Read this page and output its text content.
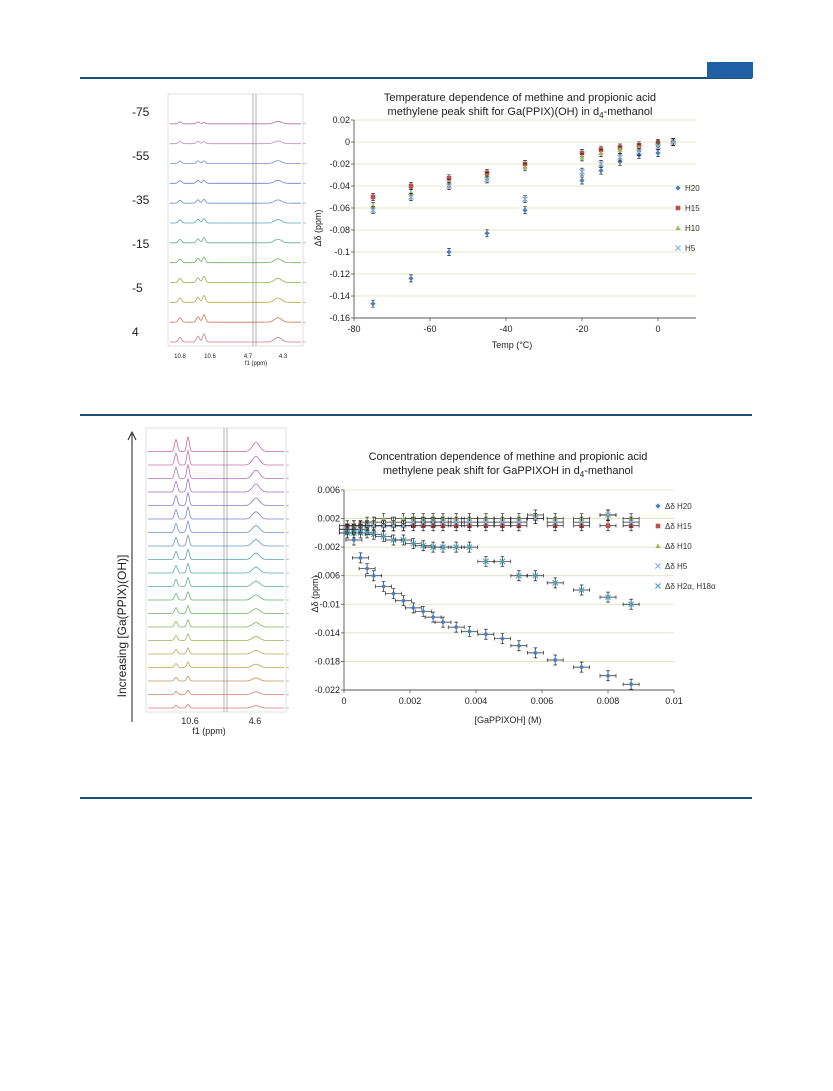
10.8	10.6	4.7	4.3
f1 (ppm)
-75
-55
-35
-15
-5
4
Temperature dependence of methine and propionic acid
methylene peak shift for Ga(PPIX)(OH) in $d_4$-methanol
Temp (°C)
Δδ (ppm)
0.02
0
-0.02
-0.04
-0.06
-0.08
-0.1
-0.12
-0.14
-0.16
-80	-60	-40	-20	0
H20
H15
H10
H5
Increasing [Ga(PPIX)(OH)]
10.6	4.6
f1 (ppm)
Concentration dependence of methine and propionic acid
methylene peak shift for GaPPIXOH in $d_4$-methanol
[GaPPIXOH] (M)
Δδ (ppm)
0.006
0.002
-0.002
-0.006
-0.01
-0.014
-0.018
-0.022
0	0.002	0.004	0.006	0.008	0.01
Δδ H20
Δδ H15
Δδ H10
Δδ H5
Δδ H2α, H18α
